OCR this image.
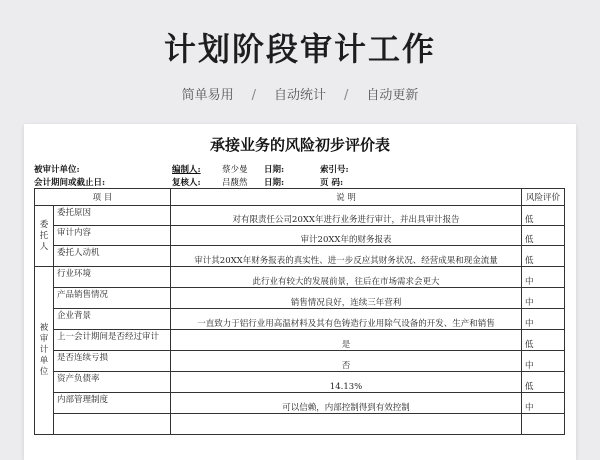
计划阶段审计工作
简单易用 / 自动统计 / 自动更新
承接业务的风险初步评价表
被审计单位:	编制人:	蔡少曼 日期:	索引号:
会计期间或截止日:	复核人:	吕馥然 日期:	页 码:
项 目		说 明	风险评价
委托人	委托原因	对有限责任公司20XX年进行业务进行审计，并出具审计报告	低
	审计内容	审计20XX年的财务报表	低
	委托人动机	审计其20XX年财务报表的真实性、进一步反应其财务状况、经营成果和现金流量	低
被审计单位	行业环境	此行业有较大的发展前景，往后在市场需求会更大	中
	产品销售情况	销售情况良好，连续三年营利	中
	企业背景	一直致力于铝行业用高温材料及其有色铸造行业用除气设备的开发、生产和销售	中
	上一会计期间是否经过审计	是	低
	是否连续亏损	否	中
	资产负债率	14.13%	低
	内部管理制度	可以信赖，内部控制得到有效控制	中
